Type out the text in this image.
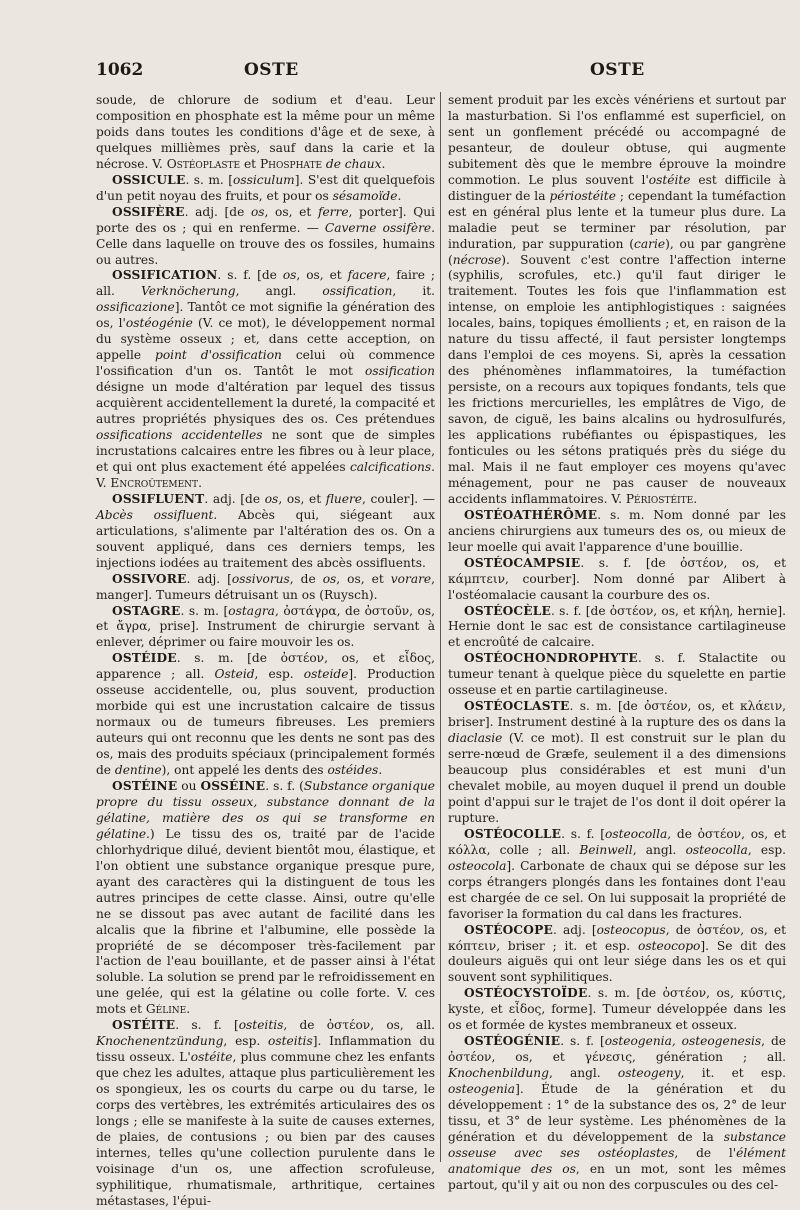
1062	OSTE	OSTE

soude, de chlorure de sodium et d'eau. Leur composition en phosphate est la même pour un même poids dans toutes les conditions d'âge et de sexe, à quelques millièmes près, sauf dans la carie et la nécrose. V. Ostéoplaste et Phosphate de chaux.

OSSICULE. s. m. [ossiculum]. S'est dit quelquefois d'un petit noyau des fruits, et pour os sésamoïde.

OSSIFÈRE. adj. [de os, os, et ferre, porter]. Qui porte des os ; qui en renferme. — Caverne ossifère. Celle dans laquelle on trouve des os fossiles, humains ou autres.

OSSIFICATION. s. f. [de os, os, et facere, faire ; all. Verknöcherung, angl. ossification, it. ossificazione]. Tantôt ce mot signifie la génération des os, l'ostéogénie (V. ce mot), le développement normal du système osseux ; et, dans cette acception, on appelle point d'ossification celui où commence l'ossification d'un os. Tantôt le mot ossification désigne un mode d'altération par lequel des tissus acquièrent accidentellement la dureté, la compacité et autres propriétés physiques des os. Ces prétendues ossifications accidentelles ne sont que de simples incrustations calcaires entre les fibres ou à leur place, et qui ont plus exactement été appelées calcifications. V. Encroûtement.

OSSIFLUENT. adj. [de os, os, et fluere, couler]. — Abcès ossifluent. Abcès qui, siégeant aux articulations, s'alimente par l'altération des os. On a souvent appliqué, dans ces derniers temps, les injections iodées au traitement des abcès ossifluents.

OSSIVORE. adj. [ossivorus, de os, os, et vorare, manger]. Tumeurs détruisant un os (Ruysch).

OSTAGRE. s. m. [ostagra, ὀστάγρα, de ὀστοῦν, os, et ἄγρα, prise]. Instrument de chirurgie servant à enlever, déprimer ou faire mouvoir les os.

OSTÉIDE. s. m. [de ὀστέον, os, et εἶδος, apparence ; all. Osteid, esp. osteide]. Production osseuse accidentelle, ou, plus souvent, production morbide qui est une incrustation calcaire de tissus normaux ou de tumeurs fibreuses. Les premiers auteurs qui ont reconnu que les dents ne sont pas des os, mais des produits spéciaux (principalement formés de dentine), ont appelé les dents des ostéides.

OSTÉINE ou OSSÉINE. s. f. (Substance organique propre du tissu osseux, substance donnant de la gélatine, matière des os qui se transforme en gélatine.) Le tissu des os, traité par de l'acide chlorhydrique dilué, devient bientôt mou, élastique, et l'on obtient une substance organique presque pure, ayant des caractères qui la distinguent de tous les autres principes de cette classe. Ainsi, outre qu'elle ne se dissout pas avec autant de facilité dans les alcalis que la fibrine et l'albumine, elle possède la propriété de se décomposer très-facilement par l'action de l'eau bouillante, et de passer ainsi à l'état soluble. La solution se prend par le refroidissement en une gelée, qui est la gélatine ou colle forte. V. ces mots et Géline.

OSTÉITE. s. f. [osteitis, de ὀστέον, os, all. Knochenentzündung, esp. osteitis]. Inflammation du tissu osseux. L'ostéite, plus commune chez les enfants que chez les adultes, attaque plus particulièrement les os spongieux, les os courts du carpe ou du tarse, le corps des vertèbres, les extrémités articulaires des os longs ; elle se manifeste à la suite de causes externes, de plaies, de contusions ; ou bien par des causes internes, telles qu'une collection purulente dans le voisinage d'un os, une affection scrofuleuse, syphilitique, rhumatismale, arthritique, certaines métastases, l'épui-

sement produit par les excès vénériens et surtout par la masturbation. Si l'os enflammé est superficiel, on sent un gonflement précédé ou accompagné de pesanteur, de douleur obtuse, qui augmente subitement dès que le membre éprouve la moindre commotion. Le plus souvent l'ostéite est difficile à distinguer de la périostéite ; cependant la tuméfaction est en général plus lente et la tumeur plus dure. La maladie peut se terminer par résolution, par induration, par suppuration (carie), ou par gangrène (nécrose). Souvent c'est contre l'affection interne (syphilis, scrofules, etc.) qu'il faut diriger le traitement. Toutes les fois que l'inflammation est intense, on emploie les antiphlogistiques : saignées locales, bains, topiques émollients ; et, en raison de la nature du tissu affecté, il faut persister longtemps dans l'emploi de ces moyens. Si, après la cessation des phénomènes inflammatoires, la tuméfaction persiste, on a recours aux topiques fondants, tels que les frictions mercurielles, les emplâtres de Vigo, de savon, de ciguë, les bains alcalins ou hydrosulfurés, les applications rubéfiantes ou épispastiques, les fonticules ou les sétons pratiqués près du siége du mal. Mais il ne faut employer ces moyens qu'avec ménagement, pour ne pas causer de nouveaux accidents inflammatoires. V. Périostéite.

OSTÉOATHÉRÔME. s. m. Nom donné par les anciens chirurgiens aux tumeurs des os, ou mieux de leur moelle qui avait l'apparence d'une bouillie.

OSTÉOCAMPSIE. s. f. [de ὀστέον, os, et κάμπτειν, courber]. Nom donné par Alibert à l'ostéomalacie causant la courbure des os.

OSTÉOCÈLE. s. f. [de ὀστέον, os, et κήλη, hernie]. Hernie dont le sac est de consistance cartilagineuse et encroûté de calcaire.

OSTÉOCHONDROPHYTE. s. f. Stalactite ou tumeur tenant à quelque pièce du squelette en partie osseuse et en partie cartilagineuse.

OSTÉOCLASTE. s. m. [de ὀστέον, os, et κλάειν, briser]. Instrument destiné à la rupture des os dans la diaclasie (V. ce mot). Il est construit sur le plan du serre-nœud de Græfe, seulement il a des dimensions beaucoup plus considérables et est muni d'un chevalet mobile, au moyen duquel il prend un double point d'appui sur le trajet de l'os dont il doit opérer la rupture.

OSTÉOCOLLE. s. f. [osteocolla, de ὀστέον, os, et κόλλα, colle ; all. Beinwell, angl. osteocolla, esp. osteocola]. Carbonate de chaux qui se dépose sur les corps étrangers plongés dans les fontaines dont l'eau est chargée de ce sel. On lui supposait la propriété de favoriser la formation du cal dans les fractures.

OSTÉOCOPE. adj. [osteocopus, de ὀστέον, os, et κόπτειν, briser ; it. et esp. osteocopo]. Se dit des douleurs aiguës qui ont leur siége dans les os et qui souvent sont syphilitiques.

OSTÉOCYSTOÏDE. s. m. [de ὀστέον, os, κύστις, kyste, et εἶδος, forme]. Tumeur développée dans les os et formée de kystes membraneux et osseux.

OSTÉOGÉNIE. s. f. [osteogenia, osteogenesis, de ὀστέον, os, et γένεσις, génération ; all. Knochenbildung, angl. osteogeny, it. et esp. osteogenia]. Étude de la génération et du développement : 1° de la substance des os, 2° de leur tissu, et 3° de leur système. Les phénomènes de la génération et du développement de la substance osseuse avec ses ostéoplastes, de l'élément anatomique des os, en un mot, sont les mêmes partout, qu'il y ait ou non des corpuscules ou des cel-
